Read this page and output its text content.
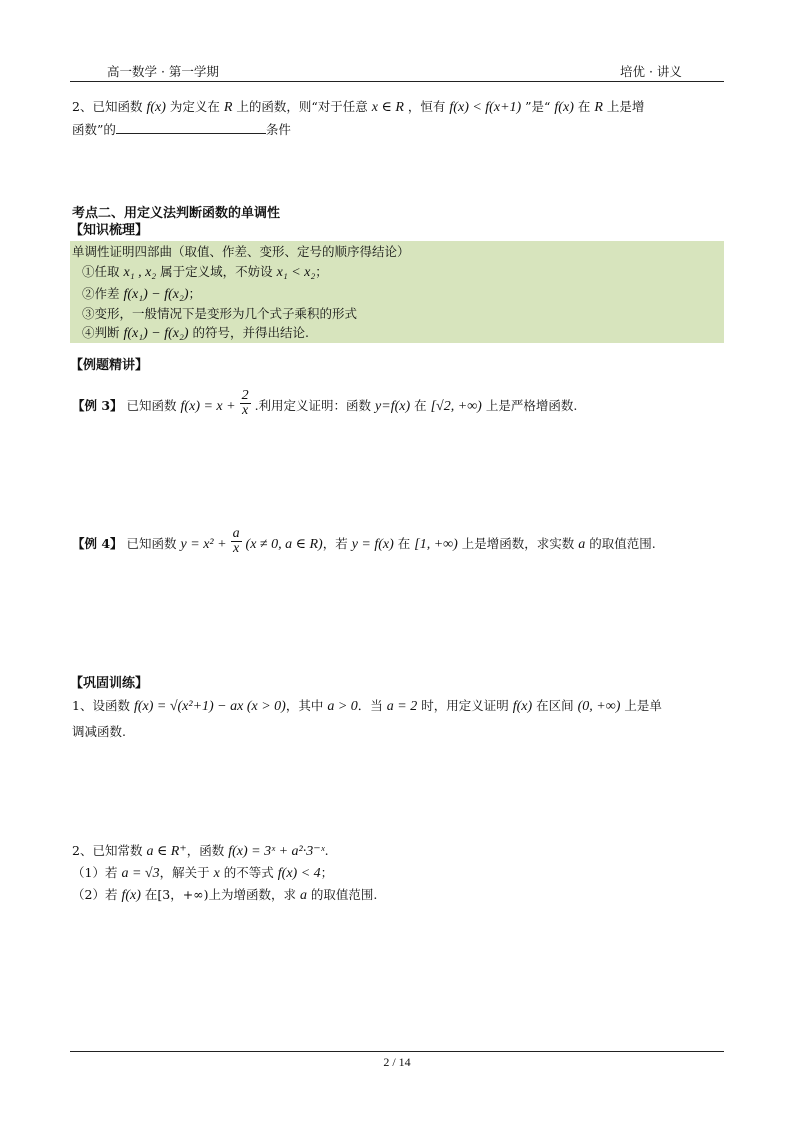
高一数学 · 第一学期	培优 · 讲义
2、已知函数 f(x) 为定义在 R 上的函数，则“对于任意 x ∈ R ，恒有 f(x) < f(x+1) ”是“ f(x) 在 R 上是增
函数”的	条件
考点二、用定义法判断函数的单调性
【知识梳理】
单调性证明四部曲（取值、作差、变形、定号的顺序得结论）
①任取 x₁ , x₂ 属于定义域，不妨设 x₁ < x₂；
②作差 f(x₁) − f(x₂)；
③变形，一般情况下是变形为几个式子乘积的形式
④判断 f(x₁) − f(x₂) 的符号，并得出结论.
【例题精讲】
【例 3】 已知函数 $f(x) = x + \frac{2}{x}$ .利用定义证明：函数 y=f(x) 在 [√2, +∞) 上是严格增函数.
【例 4】 已知函数 $y = x^2 + \frac{a}{x} (x \ne 0$, a ∈ R)，若 y = f(x) 在 [1, +∞) 上是增函数，求实数 a 的取值范围.
【巩固训练】
1、设函数 f(x) = √(x²+1) − ax (x > 0)，其中 a > 0．当 a = 2 时，用定义证明 f(x) 在区间 (0, +∞) 上是单
调减函数.
2、已知常数 a ∈ R⁺，函数 f(x) = 3ˣ + a²·3⁻ˣ.
（1）若 a = √3，解关于 x 的不等式 f(x) < 4；
（2）若 f(x) 在[3，+∞)上为增函数，求 a 的取值范围.
2 / 14
